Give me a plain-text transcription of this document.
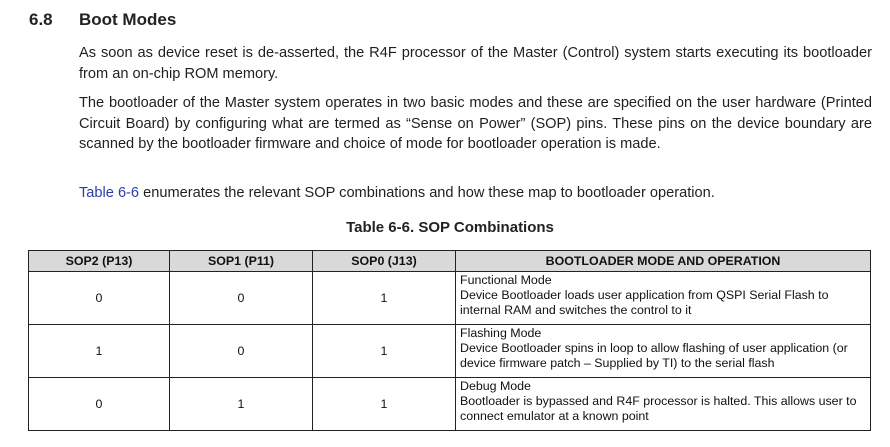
6.8 Boot Modes

As soon as device reset is de-asserted, the R4F processor of the Master (Control) system starts executing its bootloader from an on-chip ROM memory.

The bootloader of the Master system operates in two basic modes and these are specified on the user hardware (Printed Circuit Board) by configuring what are termed as “Sense on Power” (SOP) pins. These pins on the device boundary are scanned by the bootloader firmware and choice of mode for bootloader operation is made.

Table 6-6 enumerates the relevant SOP combinations and how these map to bootloader operation.

Table 6-6. SOP Combinations
SOP2 (P13)	SOP1 (P11)	SOP0 (J13)	BOOTLOADER MODE AND OPERATION
0	0	1	Functional Mode
Device Bootloader loads user application from QSPI Serial Flash to internal RAM and switches the control to it

1	0	1	Flashing Mode
Device Bootloader spins in loop to allow flashing of user application (or device firmware patch – Supplied by TI) to the serial flash

0	1	1	Debug Mode
Bootloader is bypassed and R4F processor is halted. This allows user to connect emulator at a known point
